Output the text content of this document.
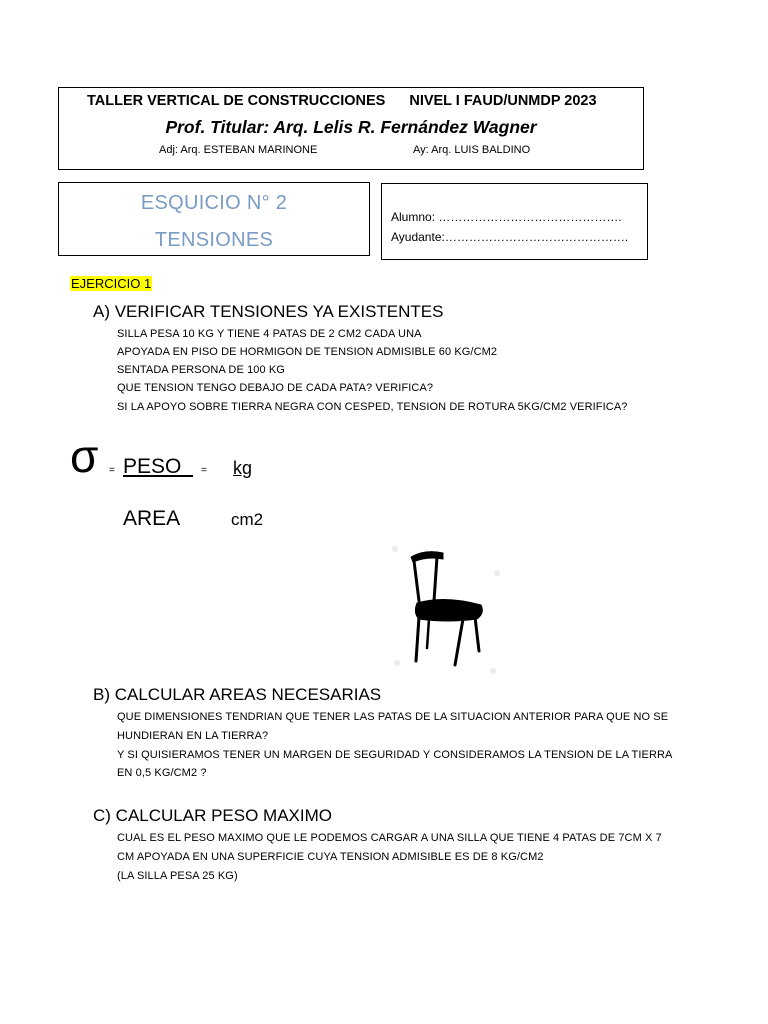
TALLER VERTICAL DE CONSTRUCCIONES NIVEL I FAUD/UNMDP 2023
Prof. Titular: Arq. Lelis R. Fernández Wagner
Adj: Arq. ESTEBAN MARINONE	Ay: Arq. LUIS BALDINO
ESQUICIO N° 2
TENSIONES
Alumno: ……………………………………….
Ayudante:……………………………………….
EJERCICIO 1
A) VERIFICAR TENSIONES YA EXISTENTES
SILLA PESA 10 KG Y TIENE 4 PATAS DE 2 CM2 CADA UNA
APOYADA EN PISO DE HORMIGON DE TENSION ADMISIBLE 60 KG/CM2
SENTADA PERSONA DE 100 KG
QUE TENSION TENGO DEBAJO DE CADA PATA? VERIFICA?
SI LA APOYO SOBRE TIERRA NEGRA CON CESPED, TENSION DE ROTURA 5KG/CM2 VERIFICA?
σ = PESO = kg
AREA	cm2
B) CALCULAR AREAS NECESARIAS
QUE DIMENSIONES TENDRIAN QUE TENER LAS PATAS DE LA SITUACION ANTERIOR PARA QUE NO SE
HUNDIERAN EN LA TIERRA?
Y SI QUISIERAMOS TENER UN MARGEN DE SEGURIDAD Y CONSIDERAMOS LA TENSION DE LA TIERRA
EN 0,5 KG/CM2 ?
C) CALCULAR PESO MAXIMO
CUAL ES EL PESO MAXIMO QUE LE PODEMOS CARGAR A UNA SILLA QUE TIENE 4 PATAS DE 7CM X 7
CM APOYADA EN UNA SUPERFICIE CUYA TENSION ADMISIBLE ES DE 8 KG/CM2
(LA SILLA PESA 25 KG)
